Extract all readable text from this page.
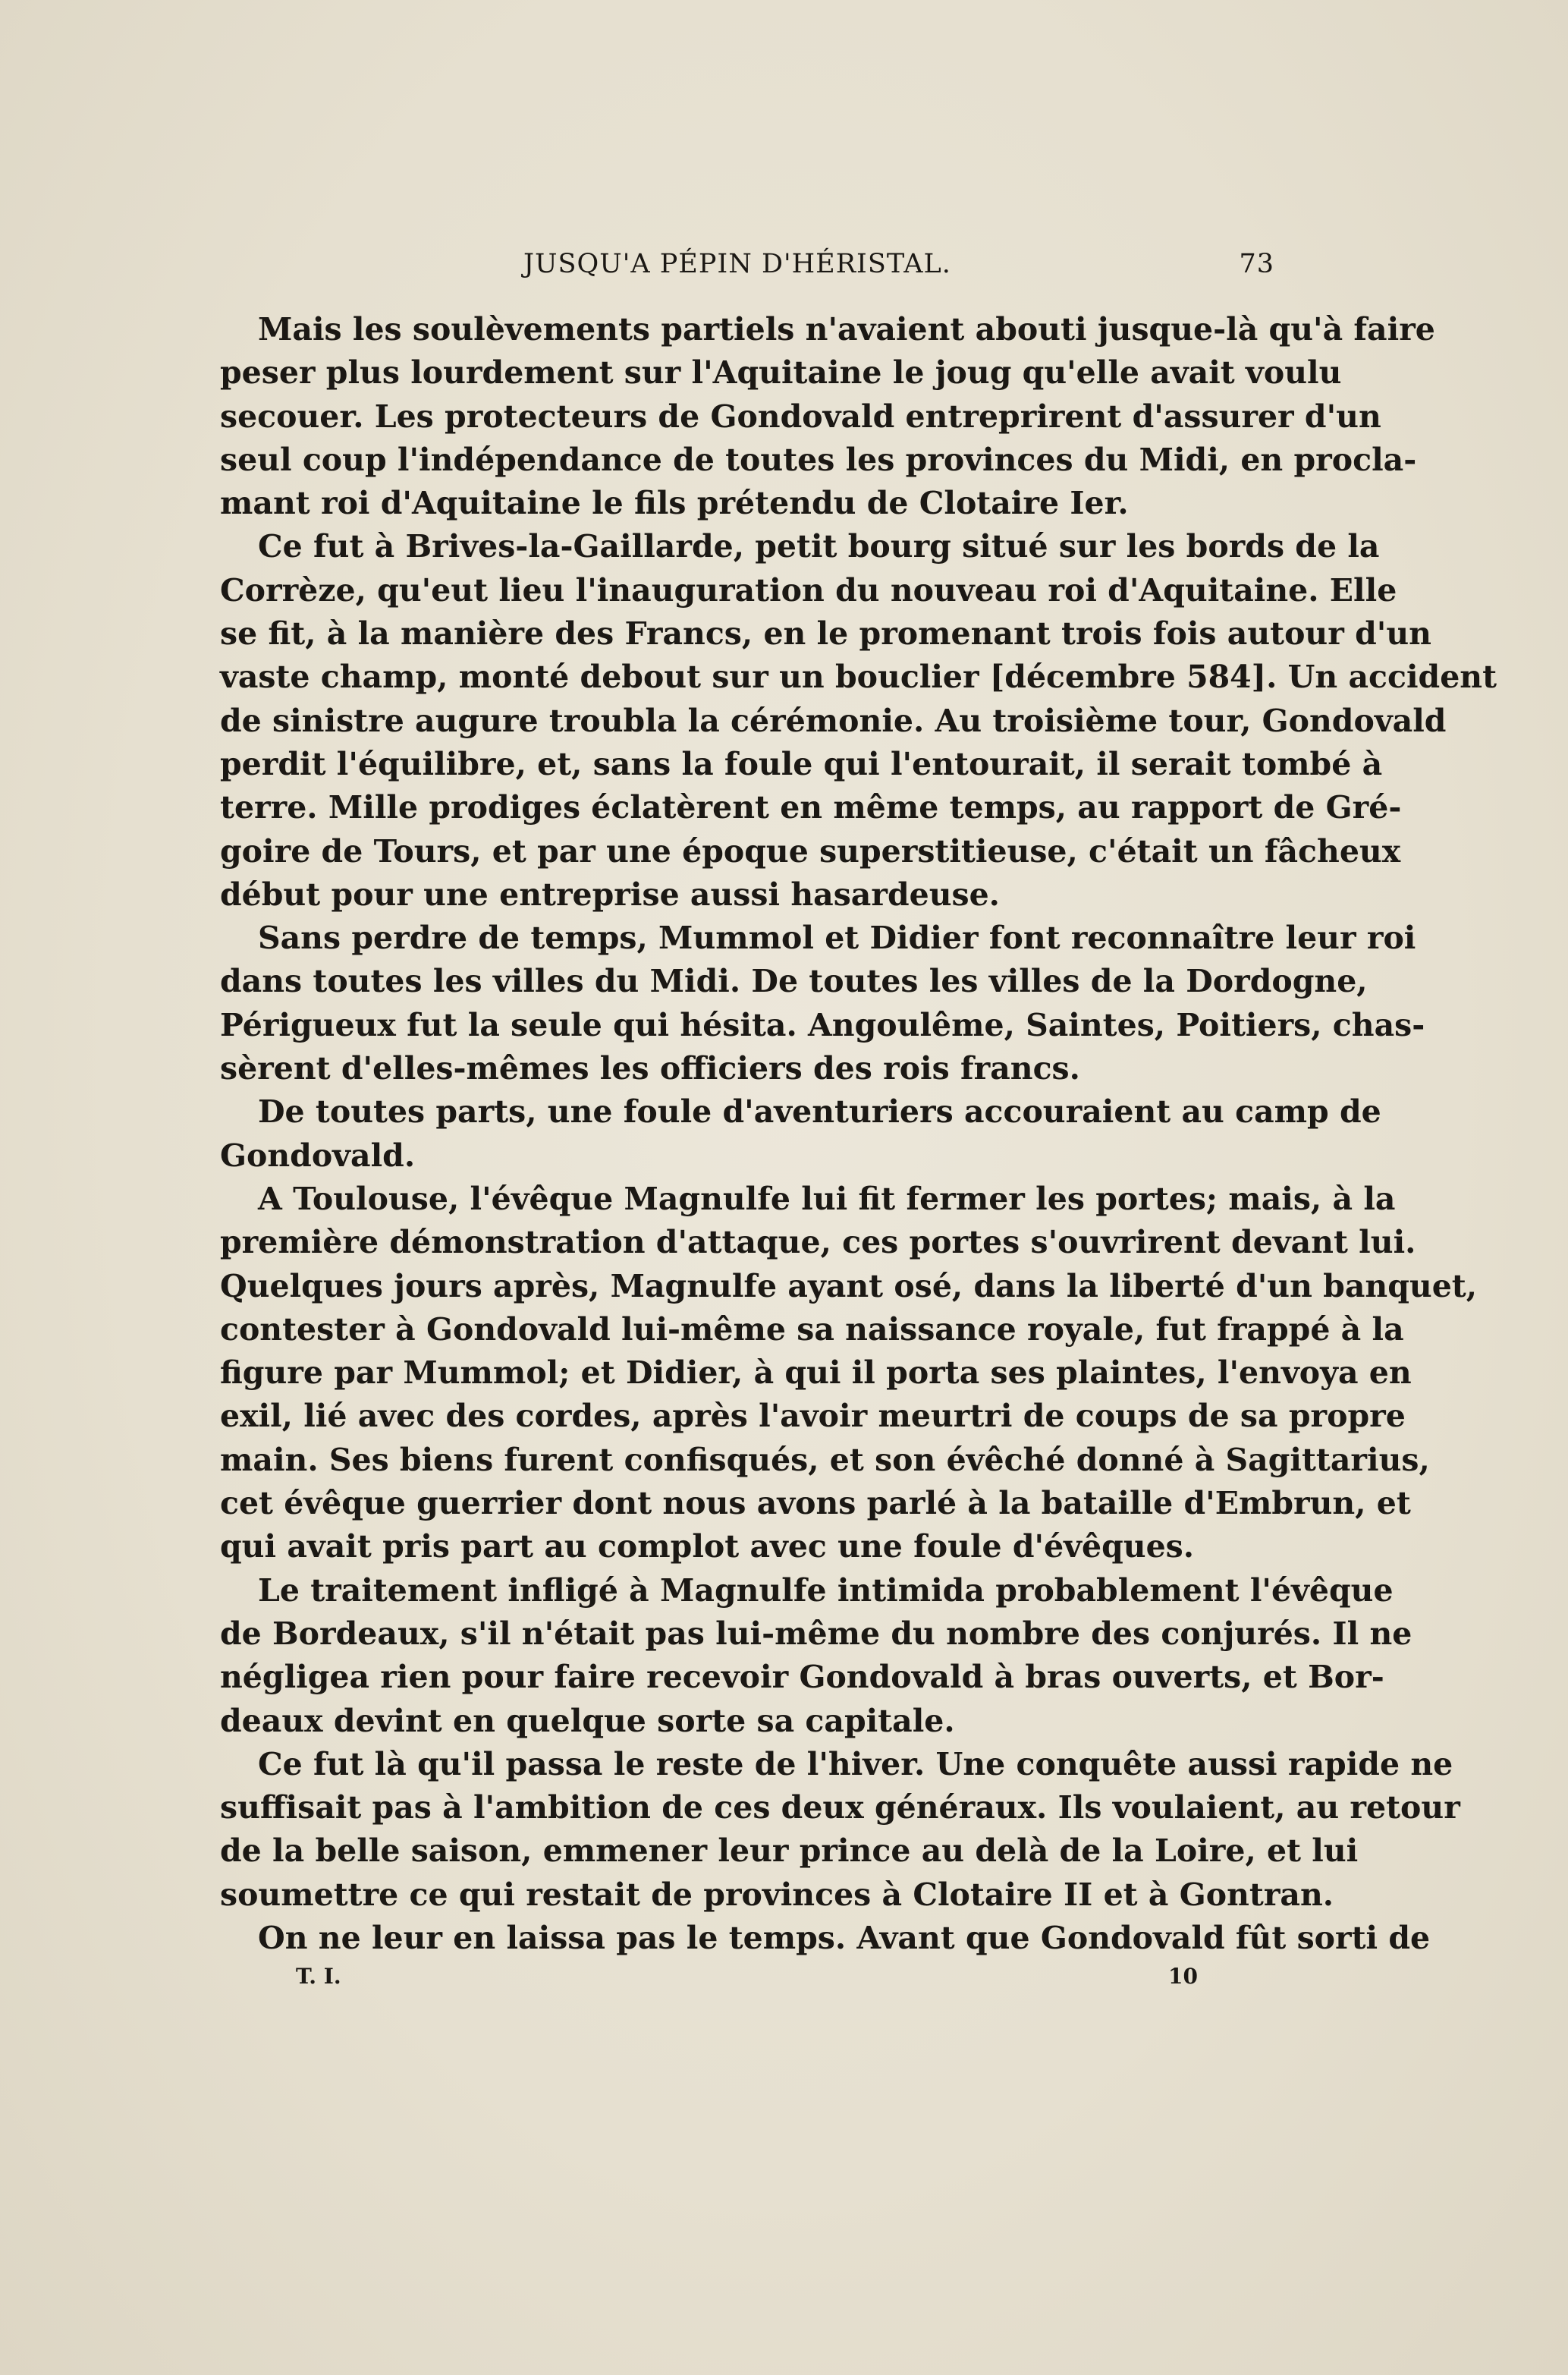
JUSQU'A PÉPIN D'HÉRISTAL.	73
Mais les soulèvements partiels n'avaient abouti jusque-là qu'à faire
peser plus lourdement sur l'Aquitaine le joug qu'elle avait voulu
secouer. Les protecteurs de Gondovald entreprirent d'assurer d'un
seul coup l'indépendance de toutes les provinces du Midi, en procla-
mant roi d'Aquitaine le fils prétendu de Clotaire Ier.
Ce fut à Brives-la-Gaillarde, petit bourg situé sur les bords de la
Corrèze, qu'eut lieu l'inauguration du nouveau roi d'Aquitaine. Elle
se fit, à la manière des Francs, en le promenant trois fois autour d'un
vaste champ, monté debout sur un bouclier [décembre 584]. Un accident
de sinistre augure troubla la cérémonie. Au troisième tour, Gondovald
perdit l'équilibre, et, sans la foule qui l'entourait, il serait tombé à
terre. Mille prodiges éclatèrent en même temps, au rapport de Gré-
goire de Tours, et par une époque superstitieuse, c'était un fâcheux
début pour une entreprise aussi hasardeuse.
Sans perdre de temps, Mummol et Didier font reconnaître leur roi
dans toutes les villes du Midi. De toutes les villes de la Dordogne,
Périgueux fut la seule qui hésita. Angoulême, Saintes, Poitiers, chas-
sèrent d'elles-mêmes les officiers des rois francs.
De toutes parts, une foule d'aventuriers accouraient au camp de
Gondovald.
A Toulouse, l'évêque Magnulfe lui fit fermer les portes; mais, à la
première démonstration d'attaque, ces portes s'ouvrirent devant lui.
Quelques jours après, Magnulfe ayant osé, dans la liberté d'un banquet,
contester à Gondovald lui-même sa naissance royale, fut frappé à la
figure par Mummol; et Didier, à qui il porta ses plaintes, l'envoya en
exil, lié avec des cordes, après l'avoir meurtri de coups de sa propre
main. Ses biens furent confisqués, et son évêché donné à Sagittarius,
cet évêque guerrier dont nous avons parlé à la bataille d'Embrun, et
qui avait pris part au complot avec une foule d'évêques.
Le traitement infligé à Magnulfe intimida probablement l'évêque
de Bordeaux, s'il n'était pas lui-même du nombre des conjurés. Il ne
négligea rien pour faire recevoir Gondovald à bras ouverts, et Bor-
deaux devint en quelque sorte sa capitale.
Ce fut là qu'il passa le reste de l'hiver. Une conquête aussi rapide ne
suffisait pas à l'ambition de ces deux généraux. Ils voulaient, au retour
de la belle saison, emmener leur prince au delà de la Loire, et lui
soumettre ce qui restait de provinces à Clotaire II et à Gontran.
On ne leur en laissa pas le temps. Avant que Gondovald fût sorti de
T. I.	10
